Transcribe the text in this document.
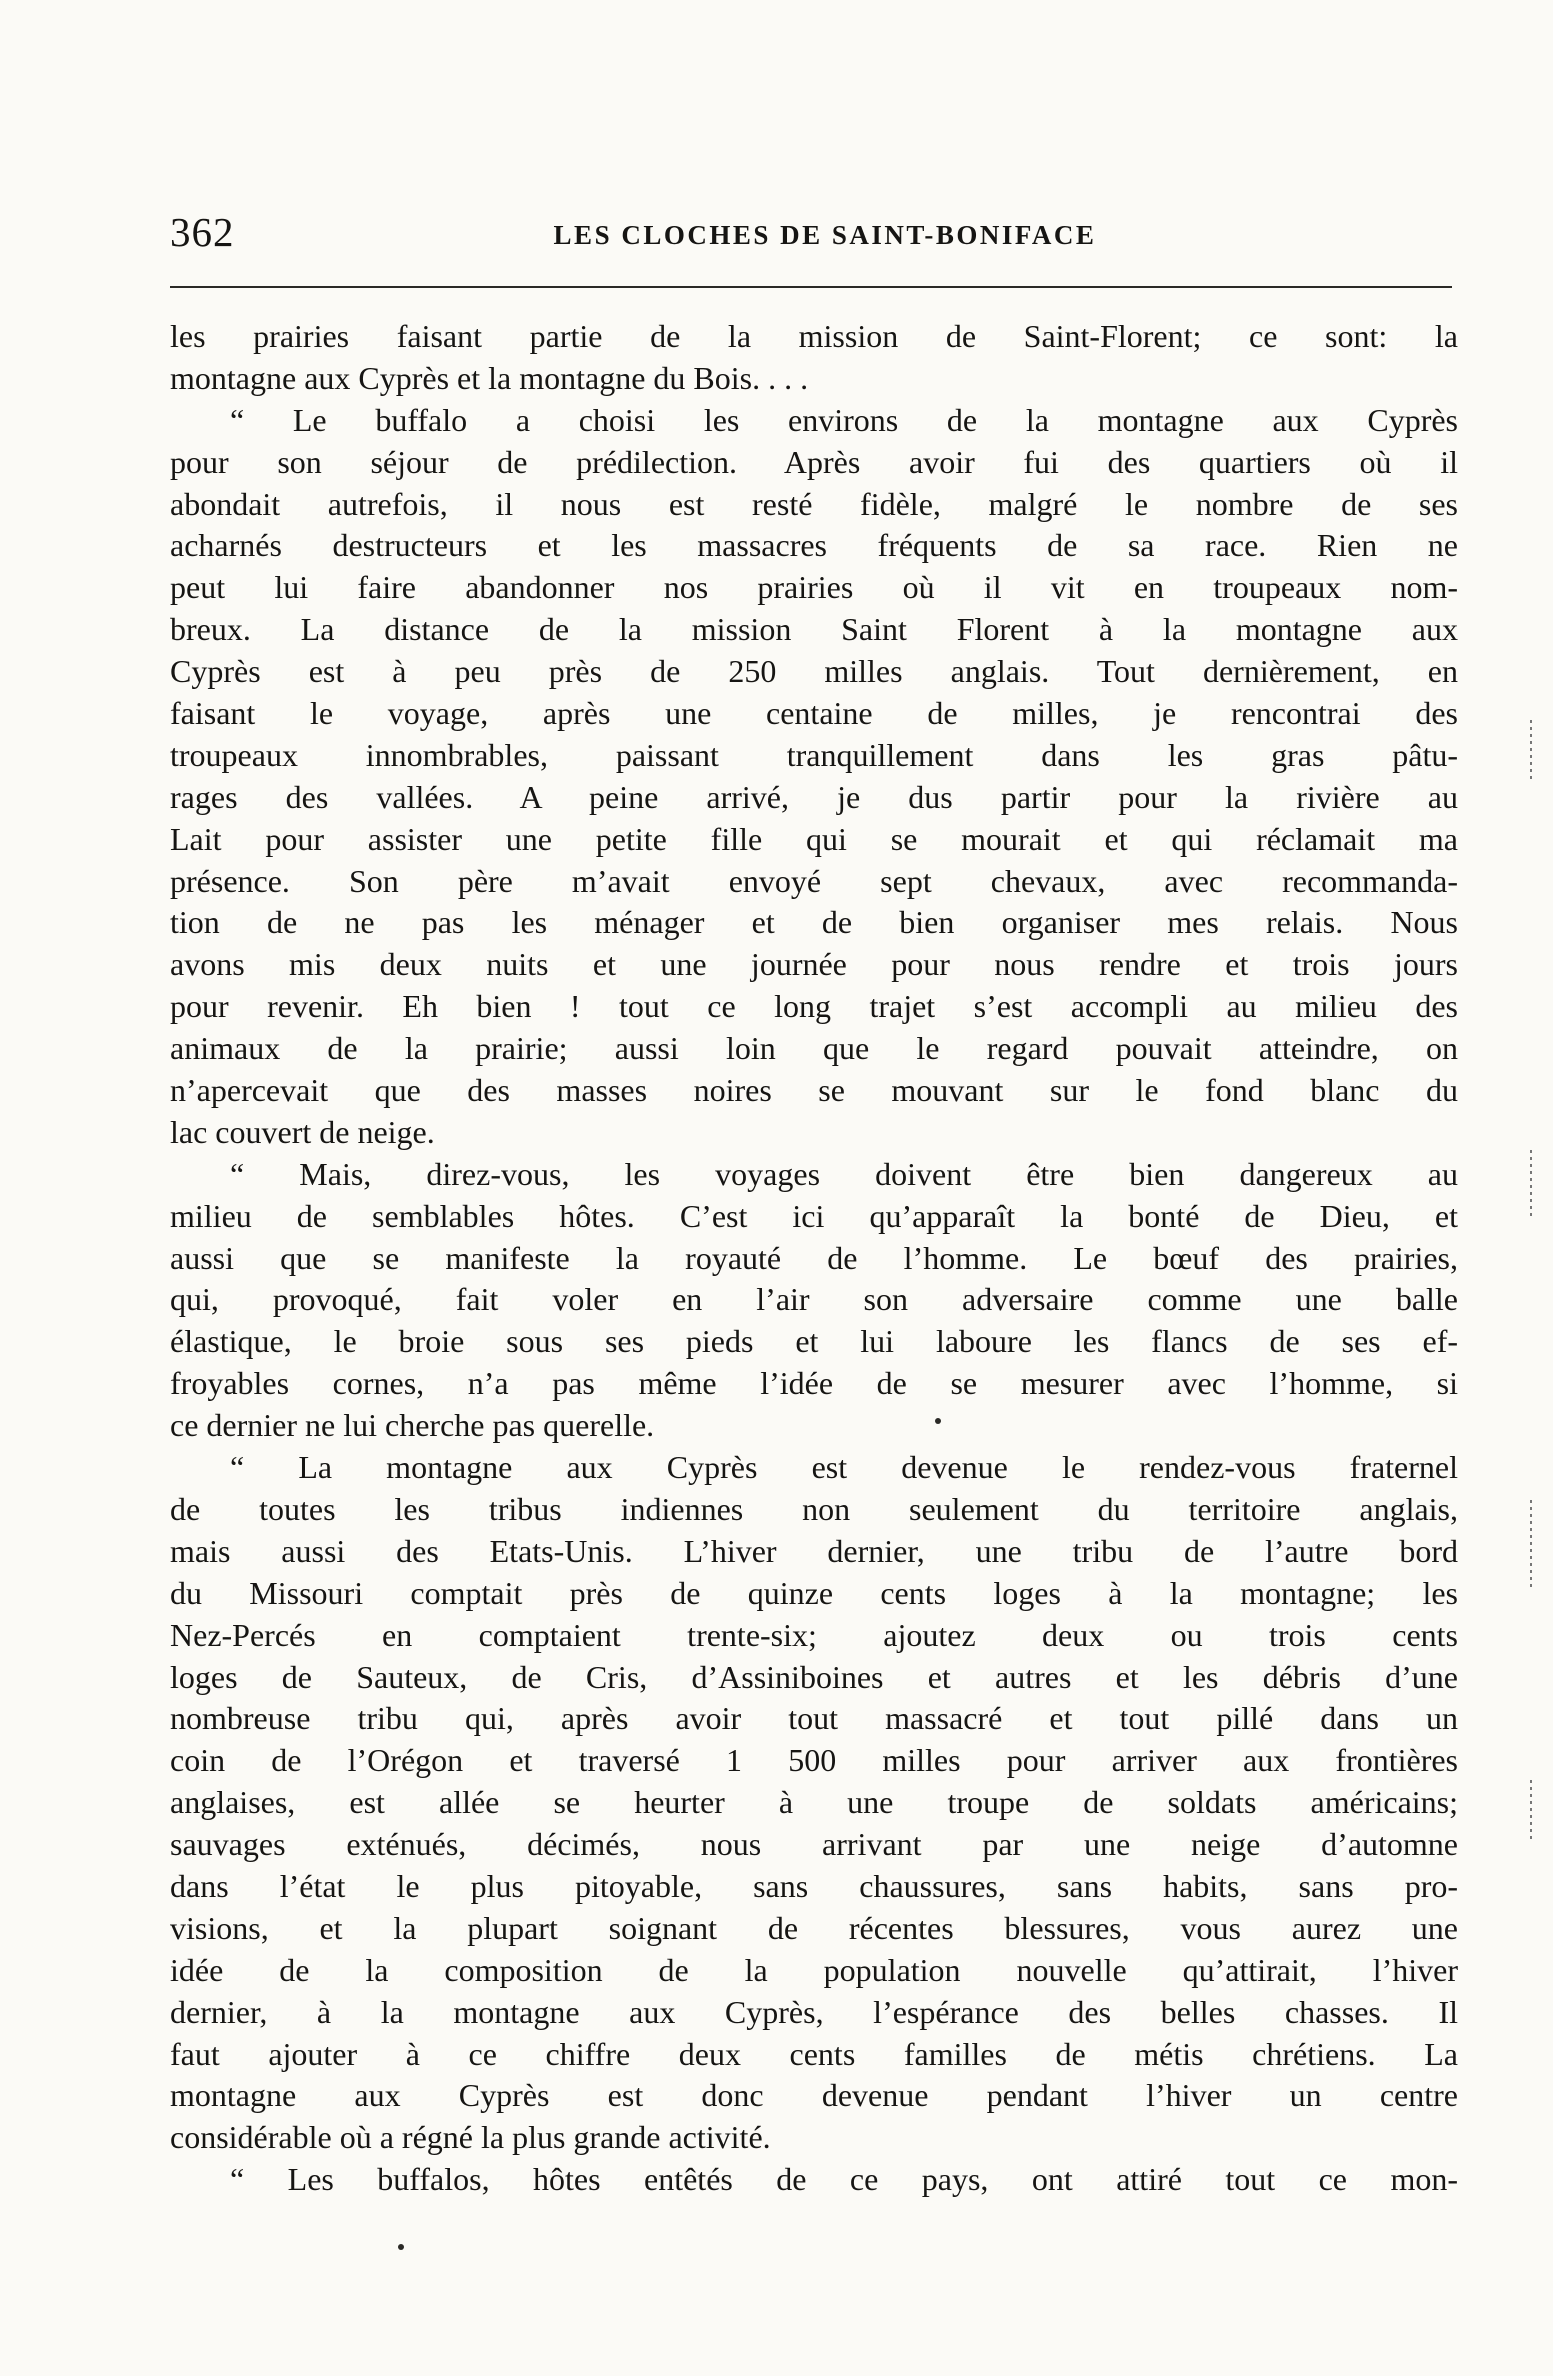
362	LES CLOCHES DE SAINT-BONIFACE
les prairies faisant partie de la mission de Saint-Florent; ce sont: la
montagne aux Cyprès et la montagne du Bois. . . .
“ Le buffalo a choisi les environs de la montagne aux Cyprès
pour son séjour de prédilection. Après avoir fui des quartiers où il
abondait autrefois, il nous est resté fidèle, malgré le nombre de ses
acharnés destructeurs et les massacres fréquents de sa race. Rien ne
peut lui faire abandonner nos prairies où il vit en troupeaux nom-
breux. La distance de la mission Saint Florent à la montagne aux
Cyprès est à peu près de 250 milles anglais. Tout dernièrement, en
faisant le voyage, après une centaine de milles, je rencontrai des
troupeaux innombrables, paissant tranquillement dans les gras pâtu-
rages des vallées. A peine arrivé, je dus partir pour la rivière au
Lait pour assister une petite fille qui se mourait et qui réclamait ma
présence. Son père m’avait envoyé sept chevaux, avec recommanda-
tion de ne pas les ménager et de bien organiser mes relais. Nous
avons mis deux nuits et une journée pour nous rendre et trois jours
pour revenir. Eh bien ! tout ce long trajet s’est accompli au milieu des
animaux de la prairie; aussi loin que le regard pouvait atteindre, on
n’apercevait que des masses noires se mouvant sur le fond blanc du
lac couvert de neige.
“ Mais, direz-vous, les voyages doivent être bien dangereux au
milieu de semblables hôtes. C’est ici qu’apparaît la bonté de Dieu, et
aussi que se manifeste la royauté de l’homme. Le bœuf des prairies,
qui, provoqué, fait voler en l’air son adversaire comme une balle
élastique, le broie sous ses pieds et lui laboure les flancs de ses ef-
froyables cornes, n’a pas même l’idée de se mesurer avec l’homme, si
ce dernier ne lui cherche pas querelle.
“ La montagne aux Cyprès est devenue le rendez-vous fraternel
de toutes les tribus indiennes non seulement du territoire anglais,
mais aussi des Etats-Unis. L’hiver dernier, une tribu de l’autre bord
du Missouri comptait près de quinze cents loges à la montagne; les
Nez-Percés en comptaient trente-six; ajoutez deux ou trois cents
loges de Sauteux, de Cris, d’Assiniboines et autres et les débris d’une
nombreuse tribu qui, après avoir tout massacré et tout pillé dans un
coin de l’Orégon et traversé 1 500 milles pour arriver aux frontières
anglaises, est allée se heurter à une troupe de soldats américains;
sauvages exténués, décimés, nous arrivant par une neige d’automne
dans l’état le plus pitoyable, sans chaussures, sans habits, sans pro-
visions, et la plupart soignant de récentes blessures, vous aurez une
idée de la composition de la population nouvelle qu’attirait, l’hiver
dernier, à la montagne aux Cyprès, l’espérance des belles chasses. Il
faut ajouter à ce chiffre deux cents familles de métis chrétiens. La
montagne aux Cyprès est donc devenue pendant l’hiver un centre
considérable où a régné la plus grande activité.
“ Les buffalos, hôtes entêtés de ce pays, ont attiré tout ce mon-
